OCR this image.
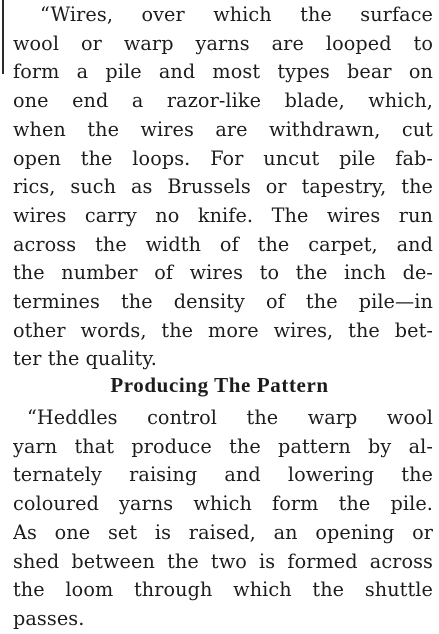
“Wires, over which the surface
wool or warp yarns are looped to
form a pile and most types bear on
one end a razor-like blade, which,
when the wires are withdrawn, cut
open the loops. For uncut pile fab-
rics, such as Brussels or tapestry, the
wires carry no knife. The wires run
across the width of the carpet, and
the number of wires to the inch de-
termines the density of the pile—in
other words, the more wires, the bet-
ter the quality.
Producing The Pattern
“Heddles control the warp wool
yarn that produce the pattern by al-
ternately raising and lowering the
coloured yarns which form the pile.
As one set is raised, an opening or
shed between the two is formed across
the loom through which the shuttle
passes.
